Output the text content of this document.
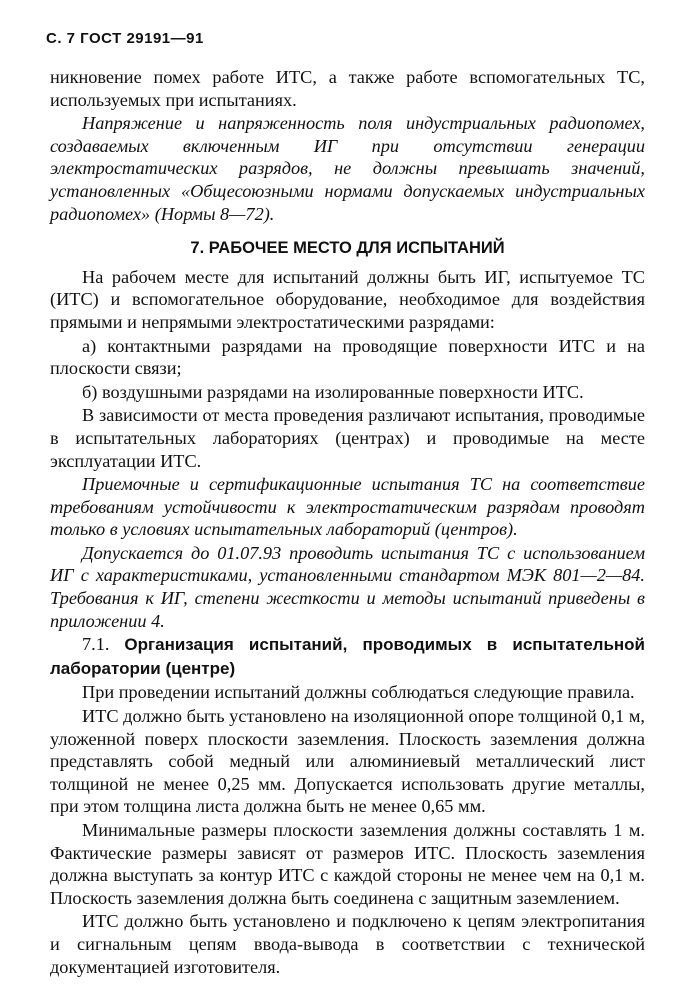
С. 7 ГОСТ 29191—91

никновение помех работе ИТС, а также работе вспомогательных ТС, используемых при испытаниях.

Напряжение и напряженность поля индустриальных радиопомех, создаваемых включенным ИГ при отсутствии генерации электростатических разрядов, не должны превышать значений, установленных «Общесоюзными нормами допускаемых индустриальных радиопомех» (Нормы 8—72).

7. РАБОЧЕЕ МЕСТО ДЛЯ ИСПЫТАНИЙ

На рабочем месте для испытаний должны быть ИГ, испытуемое ТС (ИТС) и вспомогательное оборудование, необходимое для воздействия прямыми и непрямыми электростатическими разрядами:

а) контактными разрядами на проводящие поверхности ИТС и на плоскости связи;

б) воздушными разрядами на изолированные поверхности ИТС.

В зависимости от места проведения различают испытания, проводимые в испытательных лабораториях (центрах) и проводимые на месте эксплуатации ИТС.

Приемочные и сертификационные испытания ТС на соответствие требованиям устойчивости к электростатическим разрядам проводят только в условиях испытательных лабораторий (центров).

Допускается до 01.07.93 проводить испытания ТС с использованием ИГ с характеристиками, установленными стандартом МЭК 801—2—84. Требования к ИГ, степени жесткости и методы испытаний приведены в приложении 4.

7.1. Организация испытаний, проводимых в испытательной лаборатории (центре)

При проведении испытаний должны соблюдаться следующие правила.

ИТС должно быть установлено на изоляционной опоре толщиной 0,1 м, уложенной поверх плоскости заземления. Плоскость заземления должна представлять собой медный или алюминиевый металлический лист толщиной не менее 0,25 мм. Допускается использовать другие металлы, при этом толщина листа должна быть не менее 0,65 мм.

Минимальные размеры плоскости заземления должны составлять 1 м. Фактические размеры зависят от размеров ИТС. Плоскость заземления должна выступать за контур ИТС с каждой стороны не менее чем на 0,1 м. Плоскость заземления должна быть соединена с защитным заземлением.

ИТС должно быть установлено и подключено к цепям электропитания и сигнальным цепям ввода-вывода в соответствии с технической документацией изготовителя.
